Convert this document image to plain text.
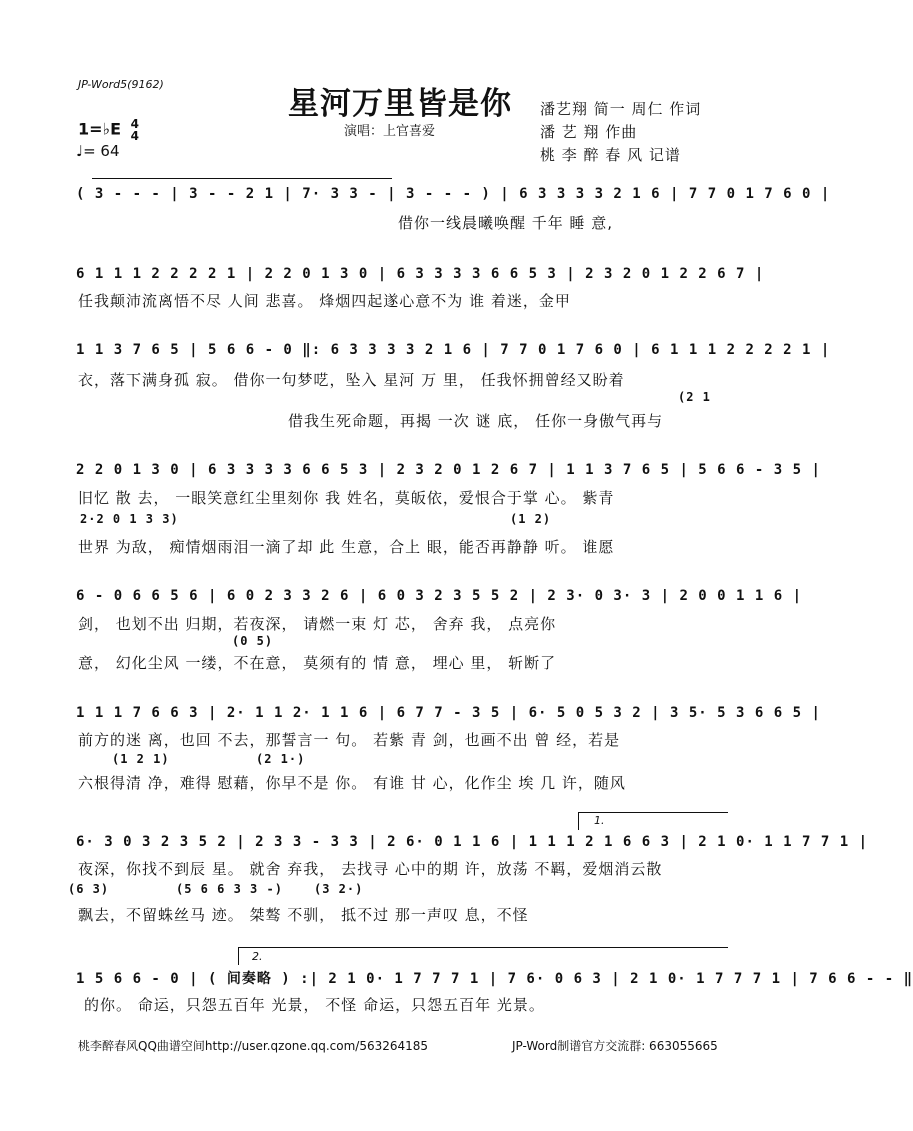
JP-Word5(9162)
星河万里皆是你
演唱：上官喜爱
潘艺翔 简一 周仁 作词
潘 艺 翔 作曲
桃 李 醉 春 风 记谱
1=♭E 4
4
♩= 64
( 3 - - - | 3 - - 2 1 | 7· 3 3 - | 3 - - - ) | 6 3 3 3 3 2 1 6 | 7 7 0 1 7 6 0 |
借你一线晨曦唤醒 千年 睡 意,
6 1 1 1 2 2 2 2 1 | 2 2 0 1 3 0 | 6 3 3 3 3 6 6 5 3 | 2 3 2 0 1 2 2 6 7 |
任我颠沛流离悟不尽 人间 悲喜。 烽烟四起遂心意不为 谁 着迷，金甲
1 1 3 7 6 5 | 5 6 6 - 0 ‖: 6 3 3 3 3 2 1 6 | 7 7 0 1 7 6 0 | 6 1 1 1 2 2 2 2 1 |
衣，落下满身孤 寂。 借你一句梦呓，坠入 星河 万 里， 任我怀拥曾经又盼着
(2 1
借我生死命题，再揭 一次 谜 底， 任你一身傲气再与
2 2 0 1 3 0 | 6 3 3 3 3 6 6 5 3 | 2 3 2 0 1 2 6 7 | 1 1 3 7 6 5 | 5 6 6 - 3 5 |
旧忆 散 去， 一眼笑意红尘里刻你 我 姓名，莫皈依，爱恨合于掌 心。 紫青
2·2 0 1 3 3)	(1 2)
世界 为敌， 痴情烟雨泪一滴了却 此 生意，合上 眼，能否再静静 听。 谁愿
6 - 0 6 6 5 6 | 6 0 2 3 3 2 6 | 6 0 3 2 3 5 5 2 | 2 3· 0 3· 3 | 2 0 0 1 1 6 |
剑， 也划不出 归期，若夜深， 请燃一束 灯 芯， 舍弃 我， 点亮你
(0 5)
意， 幻化尘风 一缕，不在意， 莫须有的 情 意， 埋心 里， 斩断了
1 1 1 7 6 6 3 | 2· 1 1 2· 1 1 6 | 6 7 7 - 3 5 | 6· 5 0 5 3 2 | 3 5· 5 3 6 6 5 |
前方的迷 离，也回 不去，那誓言一 句。 若紫 青 剑，也画不出 曾 经，若是
(1 2 1)	(2 1·)
六根得清 净，难得 慰藉，你早不是 你。 有谁 甘 心，化作尘 埃 几 许，随风
1.
6· 3 0 3 2 3 5 2 | 2 3 3 - 3 3 | 2 6· 0 1 1 6 | 1 1 1 2 1 6 6 3 | 2 1 0· 1 1 7 7 1 |
夜深，你找不到辰 星。 就舍 弃我， 去找寻 心中的期 许，放荡 不羁，爱烟消云散
(6 3)	(5 6 6 3 3 -)	(3 2·)
飘去，不留蛛丝马 迹。 桀骜 不驯， 抵不过 那一声叹 息，不怪
2.
1 5 6 6 - 0 | ( 间奏略 ) :| 2 1 0· 1 7 7 7 1 | 7 6· 0 6 3 | 2 1 0· 1 7 7 7 1 | 7 6 6 - - ‖
的你。 命运，只怨五百年 光景， 不怪 命运，只怨五百年 光景。
桃李醉春风QQ曲谱空间http://user.qzone.qq.com/563264185	JP-Word制谱官方交流群: 663055665
